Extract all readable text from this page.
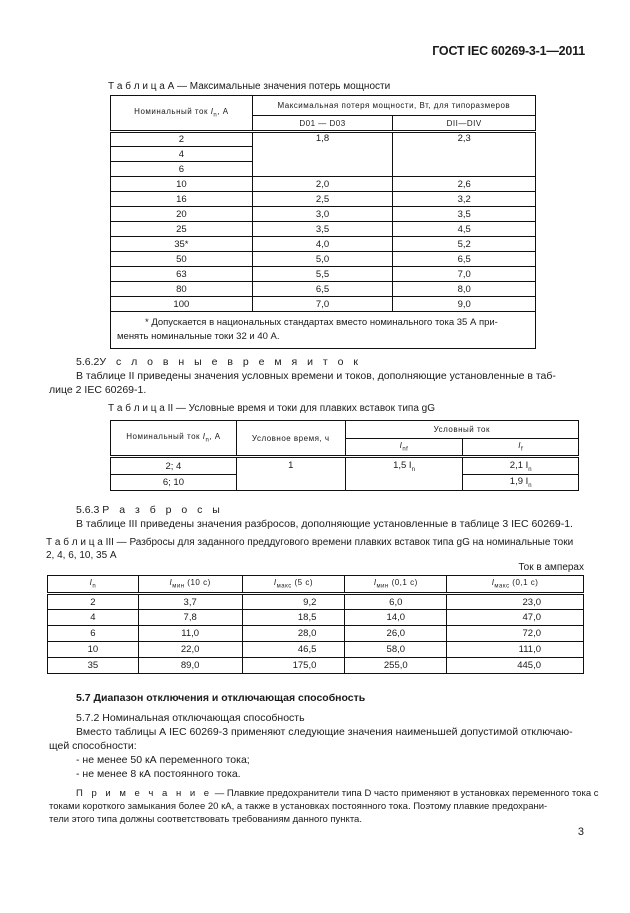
ГОСТ IEC 60269-3-1—2011
Т а б л и ц а А — Максимальные значения потерь мощности
Номинальный ток $I_n$, А	Максимальная потеря мощности, Вт, для типоразмеров	
	D01 — D03	DII—DIV
2	1,8	2,3
4		
6		
10	2,0	2,6
16	2,5	3,2
20	3,0	3,5
25	3,5	4,5
35*	4,0	5,2
50	5,0	6,5
63	5,5	7,0
80	6,5	8,0
100	7,0	9,0

* Допускается в национальных стандартах вместо номинального тока 35 А при-
менять номинальные токи 32 и 40 А.		
5.6.2У с л о в н ы е в р е м я и т о к
В таблице II приведены значения условных времени и токов, дополняющие установленные в таб-
лице 2 IEC 60269-1.
Т а б л и ц а II — Условные время и токи для плавких вставок типа gG
Номинальный ток $I_n$, А	Условное время, ч	Условный ток	
		$I_{nf}$	$I_f$
2; 4	1	1,5 $I_n$	2,1 $I_n$
6; 10			1,9 $I_n$
5.6.3 Р а з б р о с ы
В таблице III приведены значения разбросов, дополняющие установленные в таблице 3 IEC 60269-1.
Т а б л и ц а III — Разбросы для заданного преддугового времени плавких вставок типа gG на номинальные токи
2, 4, 6, 10, 35 А
Ток в амперах
$I_n$	$I_{мин}$ (10 с)	$I_{макс}$ (5 с)	$I_{мин}$ (0,1 с)	$I_{макс}$ (0,1 с)
2	3,7	9,2	6,0	23,0
4	7,8	18,5	14,0	47,0
6	11,0	28,0	26,0	72,0
10	22,0	46,5	58,0	111,0
35	89,0	175,0	255,0	445,0
5.7 Диапазон отключения и отключающая способность
5.7.2 Номинальная отключающая способность
Вместо таблицы А IEC 60269-3 применяют следующие значения наименьшей допустимой отключаю-
щей способности:
- не менее 50 кА переменного тока;
- не менее 8 кА постоянного тока.
П р и м е ч а н и е — Плавкие предохранители типа D часто применяют в установках переменного тока с
токами короткого замыкания более 20 кА, а также в установках постоянного тока. Поэтому плавкие предохрани-
тели этого типа должны соответствовать требованиям данного пункта.
3
